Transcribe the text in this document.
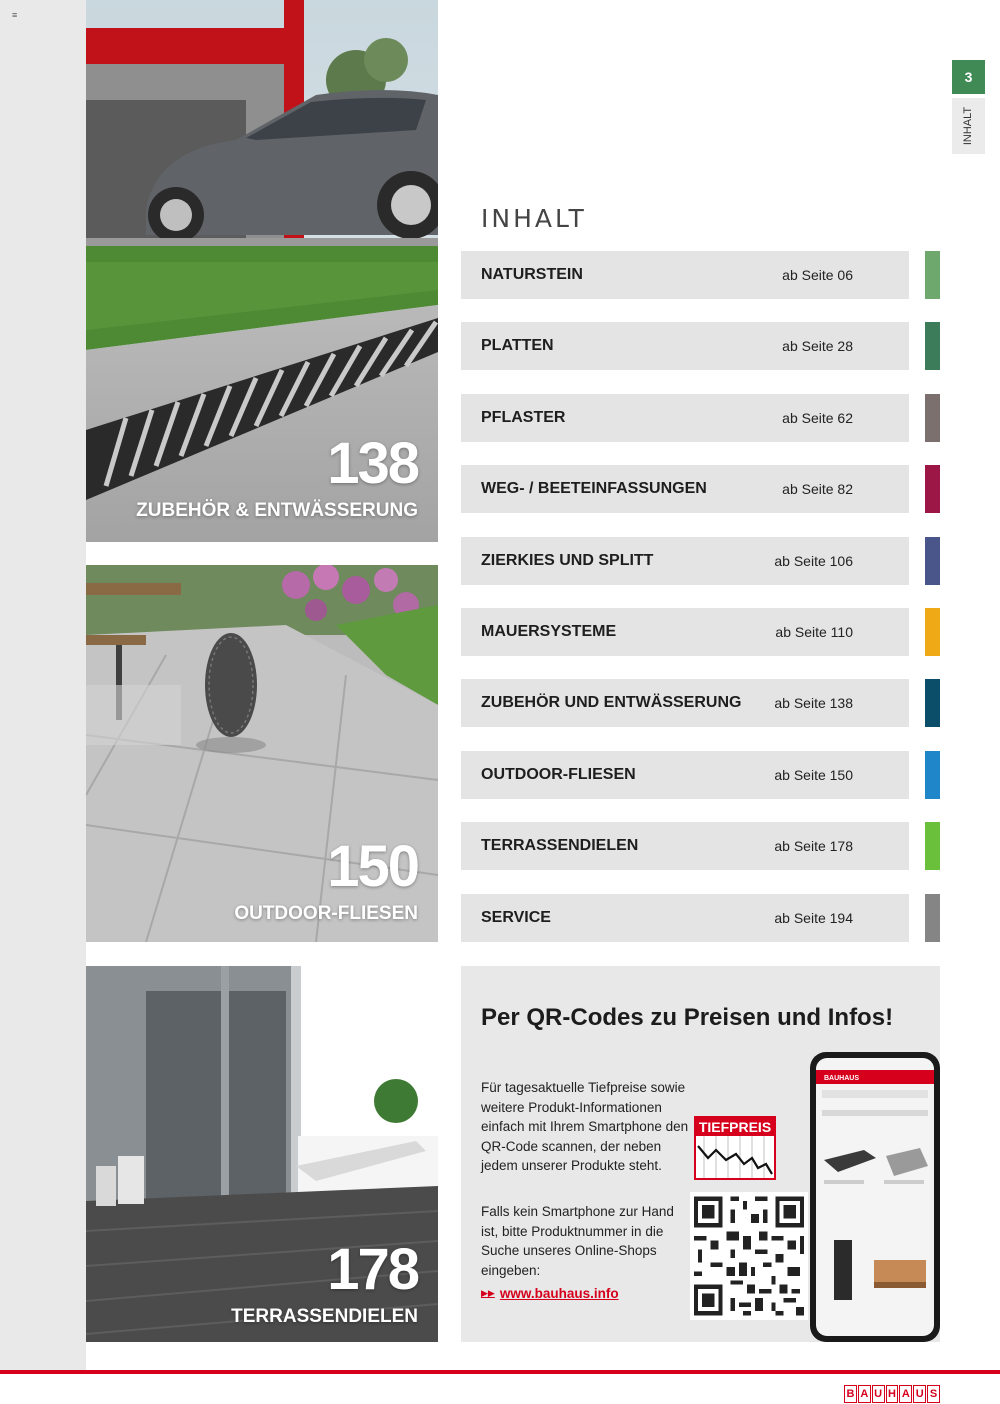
≡
138
ZUBEHÖR & ENTWÄSSERUNG
150
OUTDOOR-FLIESEN
178
TERRASSENDIELEN
3
INHALT
INHALT
NATURSTEIN	ab Seite 06
PLATTEN	ab Seite 28
PFLASTER	ab Seite 62
WEG- / BEETEINFASSUNGEN	ab Seite 82
ZIERKIES UND SPLITT	ab Seite 106
MAUERSYSTEME	ab Seite 110
ZUBEHÖR UND ENTWÄSSERUNG ab Seite 138
OUTDOOR-FLIESEN	ab Seite 150
TERRASSENDIELEN	ab Seite 178
SERVICE	ab Seite 194
Per QR-Codes zu Preisen und Infos!
Für tagesaktuelle Tiefpreise sowie weitere Produkt-Informationen einfach mit Ihrem Smartphone den QR-Code scannen, der neben jedem unserer Produkte steht.
Falls kein Smartphone zur Hand ist, bitte Produktnummer in die Suche unseres Online-Shops eingeben:
▶▶ www.bauhaus.info
TIEFPREIS
BAUHAUS
B A U H A U S
